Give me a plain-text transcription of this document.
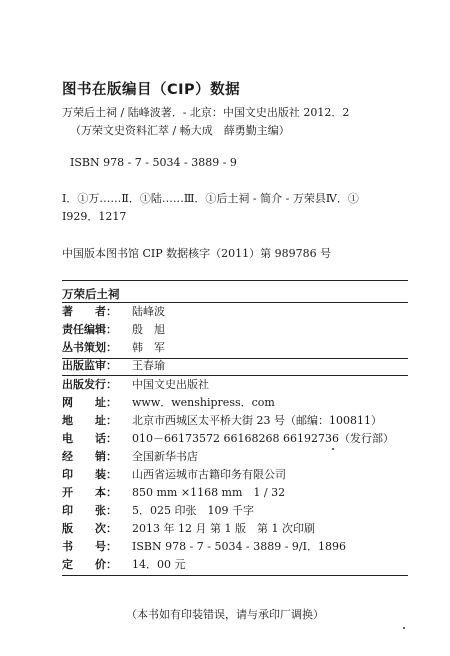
图书在版编目（CIP）数据
万荣后土祠 / 陆峰波著．- 北京：中国文史出版社 2012．2
（万荣文史资料汇萃 / 畅大成　薛勇勤主编）
ISBN 978 - 7 - 5034 - 3889 - 9
Ⅰ．①万……Ⅱ．①陆……Ⅲ．①后土祠 - 简介 - 万荣县Ⅳ．①
Ⅰ929．1217
中国版本图书馆 CIP 数据核字（2011）第 989786 号
万荣后土祠
著　　者： 陆峰波
责任编辑： 殷　旭
丛书策划： 韩　军
出版监审： 王春瑜
出版发行： 中国文史出版社
网　　址： www．wenshipress．com
地　　址： 北京市西城区太平桥大街 23 号（邮编：100811）
电　　话： 010－66173572 66168268 66192736（发行部）
经　　销： 全国新华书店
印　　装： 山西省运城市古籍印务有限公司
开　　本： 850 mm ×1168 mm　1 / 32
印　　张： 5．025 印张　109 千字
版　　次： 2013 年 12 月 第 1 版　第 1 次印刷
书　　号： ISBN 978 - 7 - 5034 - 3889 - 9/Ⅰ．1896
定　　价： 14．00 元
（本书如有印装错误，请与承印厂调换）
